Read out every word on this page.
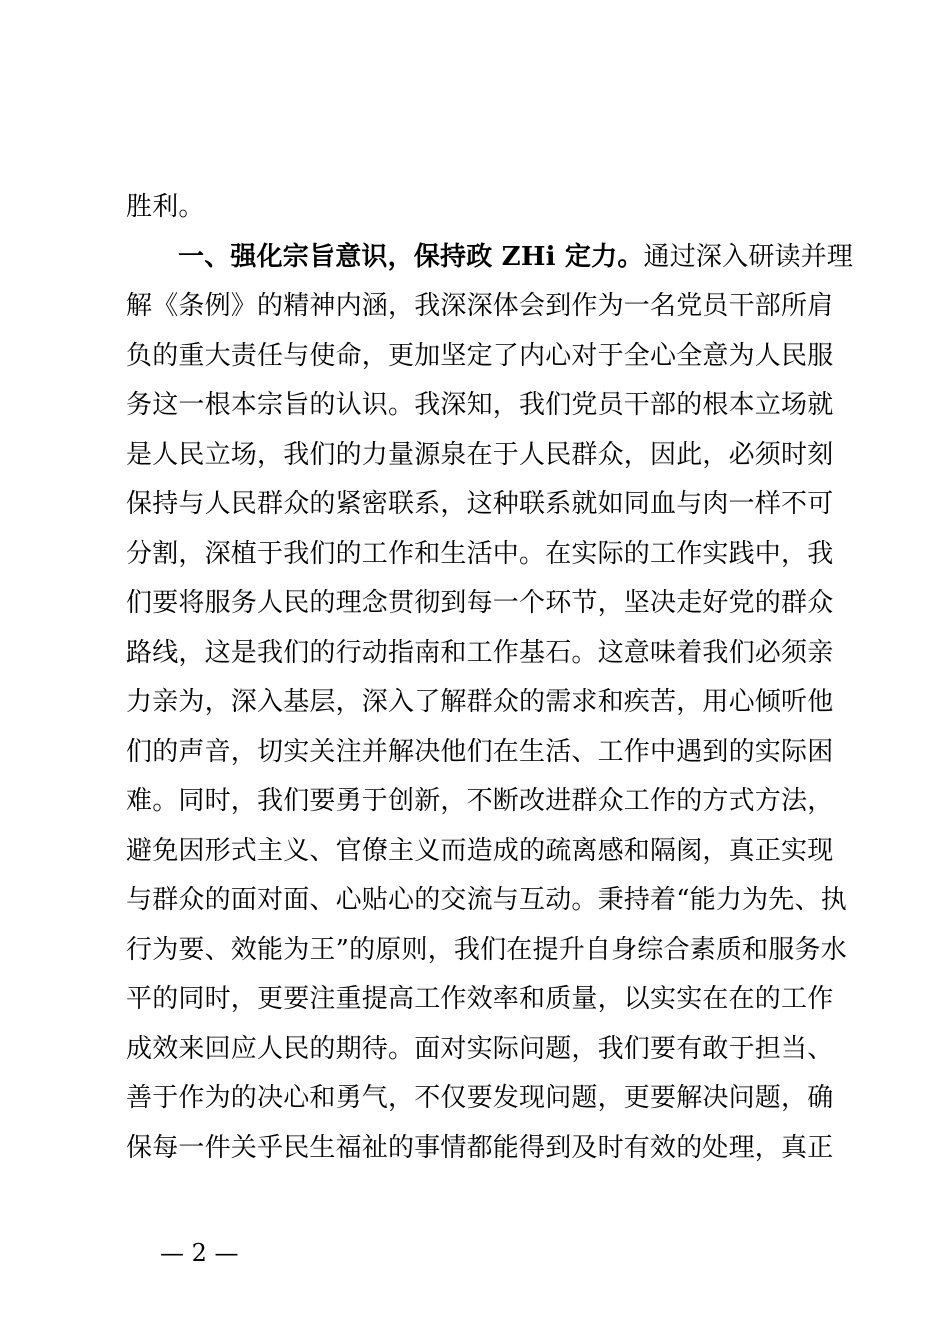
胜利。
一、强化宗旨意识，保持政 ZHi 定力。通过深入研读并理
解《条例》的精神内涵，我深深体会到作为一名党员干部所肩
负的重大责任与使命，更加坚定了内心对于全心全意为人民服
务这一根本宗旨的认识。我深知，我们党员干部的根本立场就
是人民立场，我们的力量源泉在于人民群众，因此，必须时刻
保持与人民群众的紧密联系，这种联系就如同血与肉一样不可
分割，深植于我们的工作和生活中。在实际的工作实践中，我
们要将服务人民的理念贯彻到每一个环节，坚决走好党的群众
路线，这是我们的行动指南和工作基石。这意味着我们必须亲
力亲为，深入基层，深入了解群众的需求和疾苦，用心倾听他
们的声音，切实关注并解决他们在生活、工作中遇到的实际困
难。同时，我们要勇于创新，不断改进群众工作的方式方法，
避免因形式主义、官僚主义而造成的疏离感和隔阂，真正实现
与群众的面对面、心贴心的交流与互动。秉持着“能力为先、执
行为要、效能为王”的原则，我们在提升自身综合素质和服务水
平的同时，更要注重提高工作效率和质量，以实实在在的工作
成效来回应人民的期待。面对实际问题，我们要有敢于担当、
善于作为的决心和勇气，不仅要发现问题，更要解决问题，确
保每一件关乎民生福祉的事情都能得到及时有效的处理，真正
— 2 —
